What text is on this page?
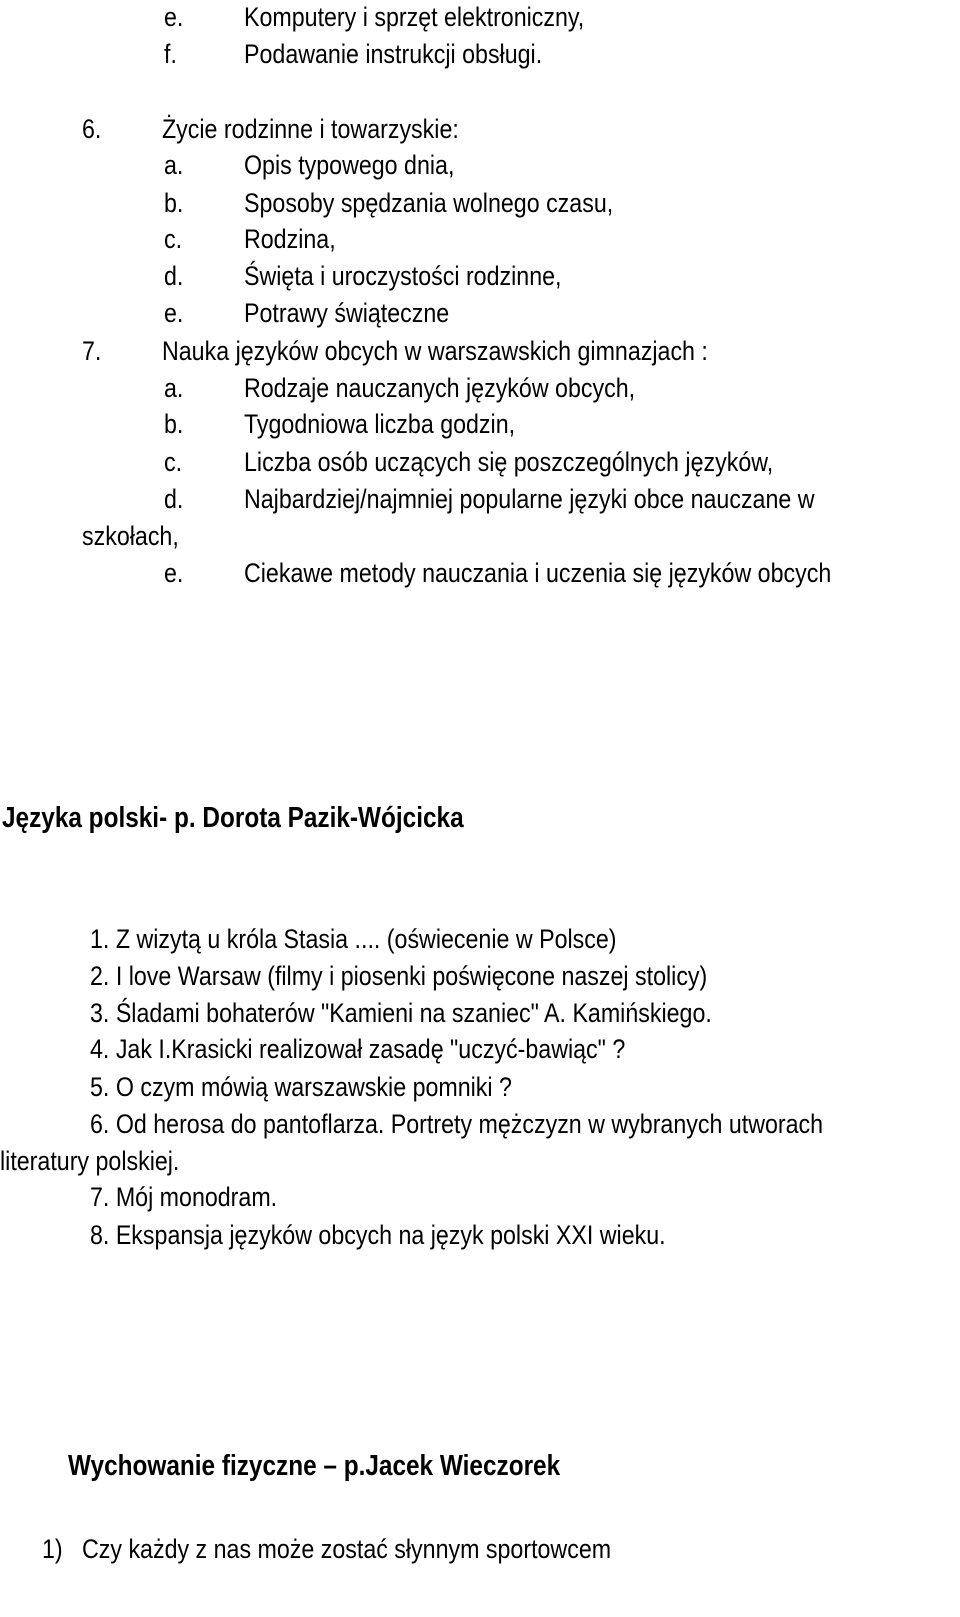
e. Komputery i sprzęt elektroniczny,
f. Podawanie instrukcji obsługi.
6. Życie rodzinne i towarzyskie:
a. Opis typowego dnia,
b. Sposoby spędzania wolnego czasu,
c. Rodzina,
d. Święta i uroczystości rodzinne,
e. Potrawy świąteczne
7. Nauka języków obcych w warszawskich gimnazjach :
a. Rodzaje nauczanych języków obcych,
b. Tygodniowa liczba godzin,
c. Liczba osób uczących się poszczególnych języków,
d. Najbardziej/najmniej popularne języki obce nauczane w
szkołach,
e. Ciekawe metody nauczania i uczenia się języków obcych
Języka polski- p. Dorota Pazik-Wójcicka
1. Z wizytą u króla Stasia .... (oświecenie w Polsce)
2. I love Warsaw (filmy i piosenki poświęcone naszej stolicy)
3. Śladami bohaterów "Kamieni na szaniec" A. Kamińskiego.
4. Jak I.Krasicki realizował zasadę "uczyć-bawiąc" ?
5. O czym mówią warszawskie pomniki ?
6. Od herosa do pantoflarza. Portrety mężczyzn w wybranych utworach
literatury polskiej.
7. Mój monodram.
8. Ekspansja języków obcych na język polski XXI wieku.
Wychowanie fizyczne – p.Jacek Wieczorek
1) Czy każdy z nas może zostać słynnym sportowcem
